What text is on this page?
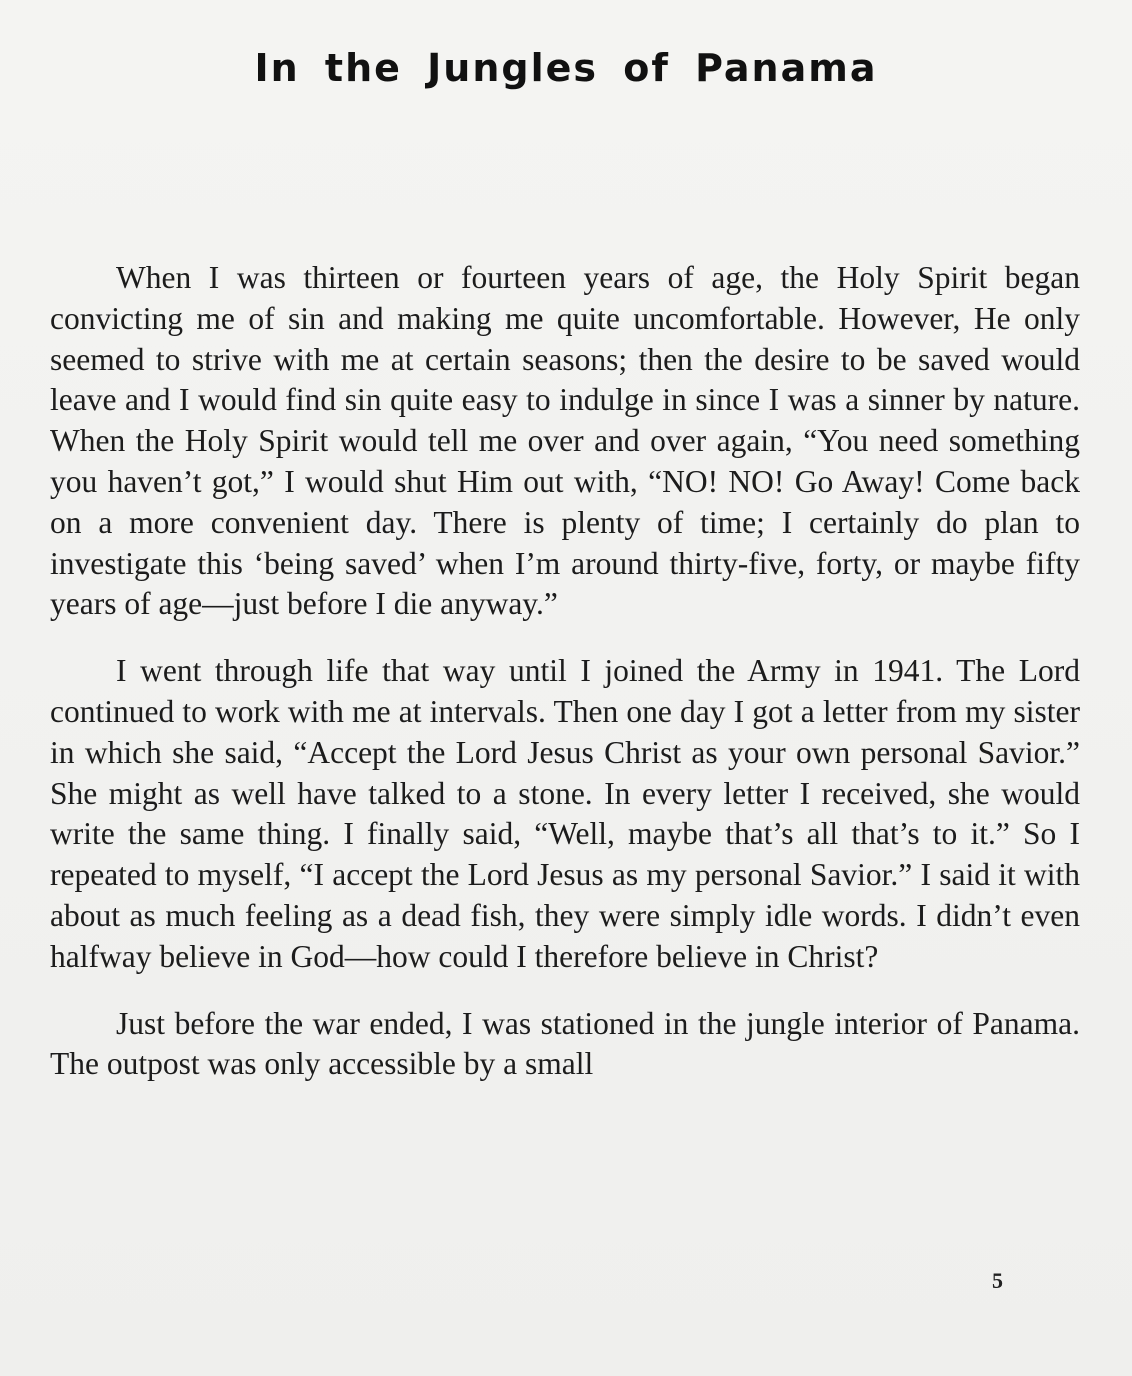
In the Jungles of Panama

When I was thirteen or fourteen years of age, the Holy Spirit began convicting me of sin and making me quite uncomfortable. However, He only seemed to strive with me at certain seasons; then the desire to be saved would leave and I would find sin quite easy to indulge in since I was a sinner by nature. When the Holy Spirit would tell me over and over again, “You need something you haven’t got,” I would shut Him out with, “NO! NO! Go Away! Come back on a more convenient day. There is plenty of time; I certainly do plan to investigate this ‘being saved’ when I’m around thirty-five, forty, or maybe fifty years of age—just before I die anyway.”

I went through life that way until I joined the Army in 1941. The Lord continued to work with me at intervals. Then one day I got a letter from my sister in which she said, “Accept the Lord Jesus Christ as your own personal Savior.” She might as well have talked to a stone. In every letter I received, she would write the same thing. I finally said, “Well, maybe that’s all that’s to it.” So I repeated to myself, “I accept the Lord Jesus as my personal Savior.” I said it with about as much feeling as a dead fish, they were simply idle words. I didn’t even halfway believe in God—how could I therefore believe in Christ?

Just before the war ended, I was stationed in the jungle interior of Panama. The outpost was only accessible by a small

5
